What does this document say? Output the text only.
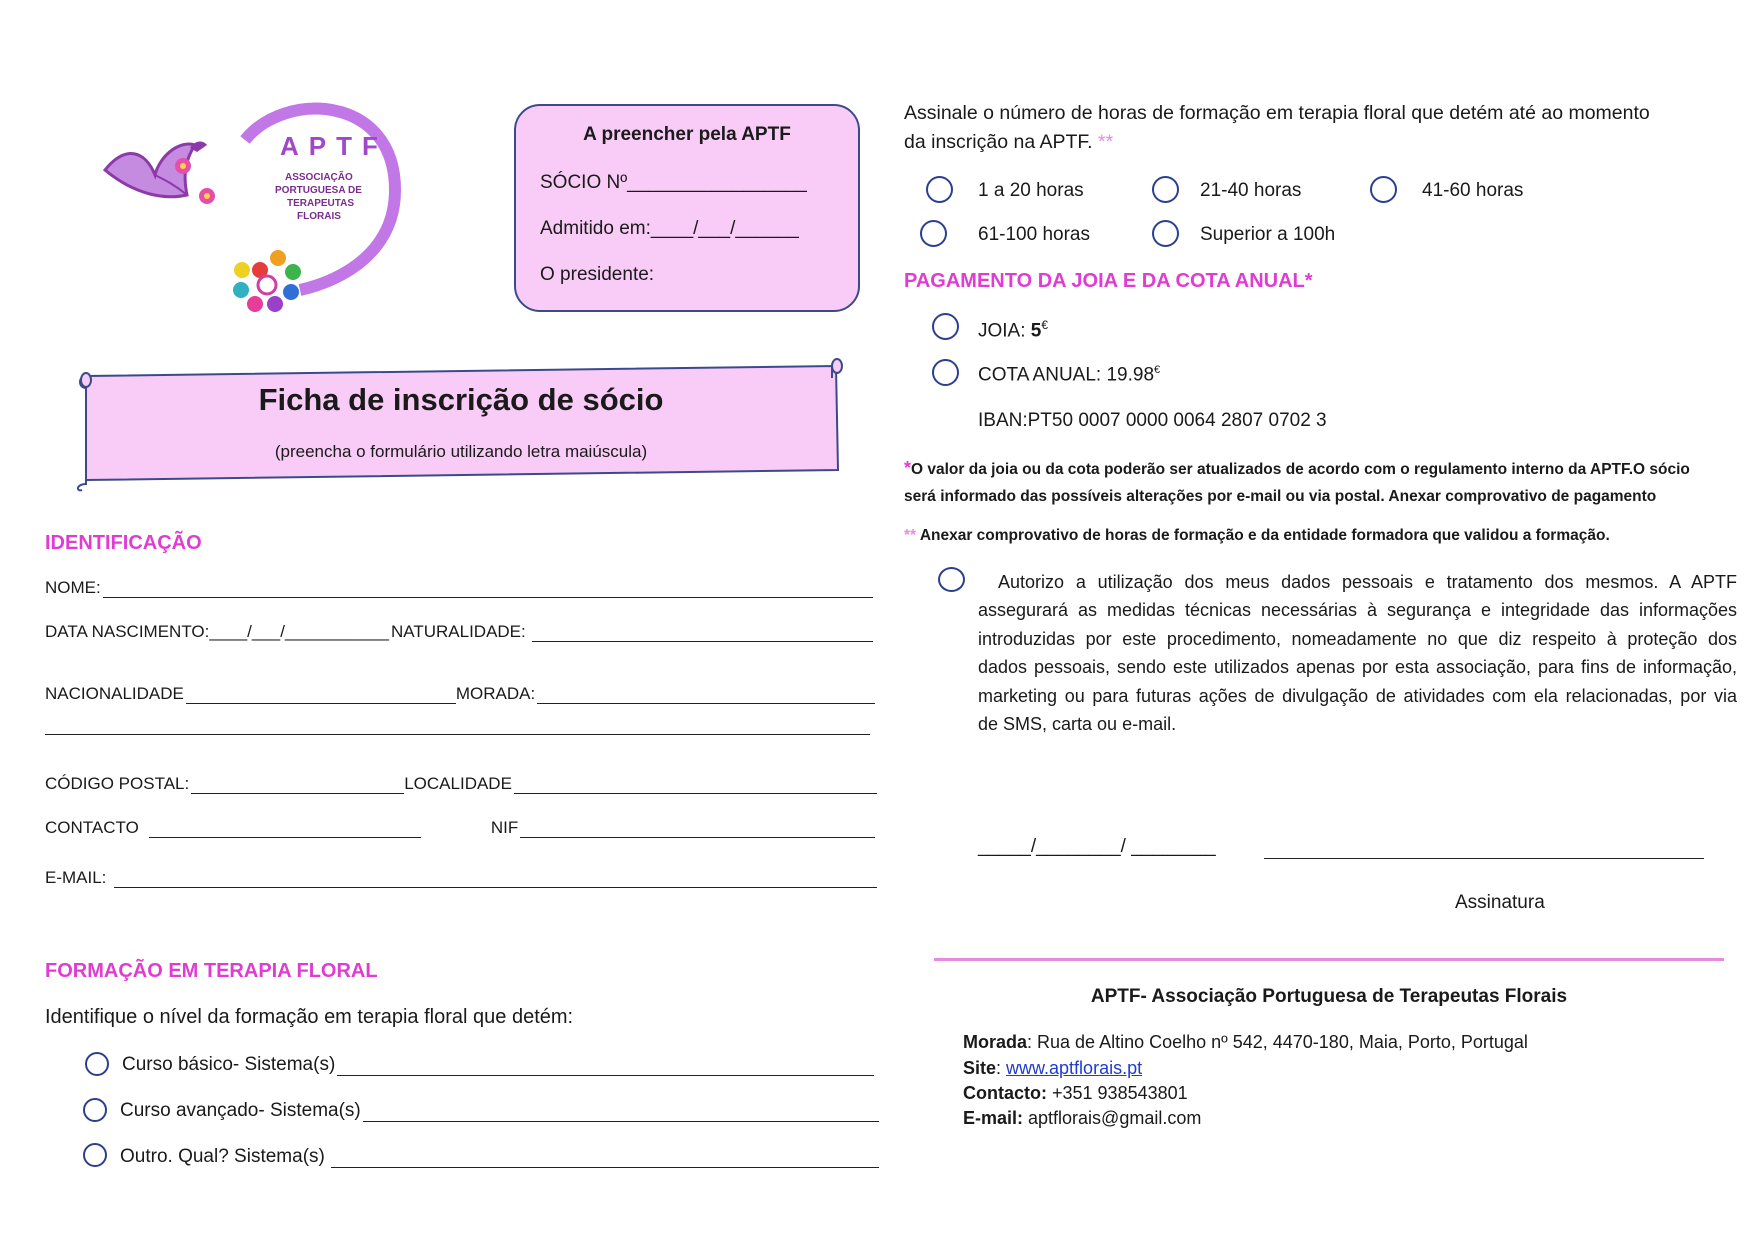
APTF
ASSOCIAÇÃO
PORTUGUESA DE
TERAPEUTAS
FLORAIS
A preencher pela APTF
SÓCIO Nº_________________
Admitido em:____/___/______
O presidente:
Ficha de inscrição de sócio
(preencha o formulário utilizando letra maiúscula)
IDENTIFICAÇÃO
NOME:
DATA NASCIMENTO:____/___/___________ NATURALIDADE:
NACIONALIDADE	MORADA:
CÓDIGO POSTAL:	LOCALIDADE
CONTACTO	NIF
E-MAIL:
FORMAÇÃO EM TERAPIA FLORAL
Identifique o nível da formação em terapia floral que detém:
Curso básico- Sistema(s)
Curso avançado- Sistema(s)
Outro. Qual? Sistema(s)
Assinale o número de horas de formação em terapia floral que detém até ao momento
da inscrição na APTF. **
1 a 20 horas	21-40 horas	41-60 horas
61-100 horas	Superior a 100h
PAGAMENTO DA JOIA E DA COTA ANUAL*
JOIA: 5€
COTA ANUAL: 19.98€
IBAN:PT50 0007 0000 0064 2807 0702 3
*O valor da joia ou da cota poderão ser atualizados de acordo com o regulamento interno da APTF.O sócio
será informado das possíveis alterações por e-mail ou via postal. Anexar comprovativo de pagamento
** Anexar comprovativo de horas de formação e da entidade formadora que validou a formação.
Autorizo a utilização dos meus dados pessoais e tratamento dos mesmos. A APTF
assegurará as medidas técnicas necessárias à segurança e integridade das informações
introduzidas por este procedimento, nomeadamente no que diz respeito à proteção dos
dados pessoais, sendo este utilizados apenas por esta associação, para fins de informação,
marketing ou para futuras ações de divulgação de atividades com ela relacionadas, por via
de SMS, carta ou e-mail.
_____/________/ ________
Assinatura
APTF- Associação Portuguesa de Terapeutas Florais
Morada: Rua de Altino Coelho nº 542, 4470-180, Maia, Porto, Portugal
Site: www.aptflorais.pt
Contacto: +351 938543801
E-mail: aptflorais@gmail.com
